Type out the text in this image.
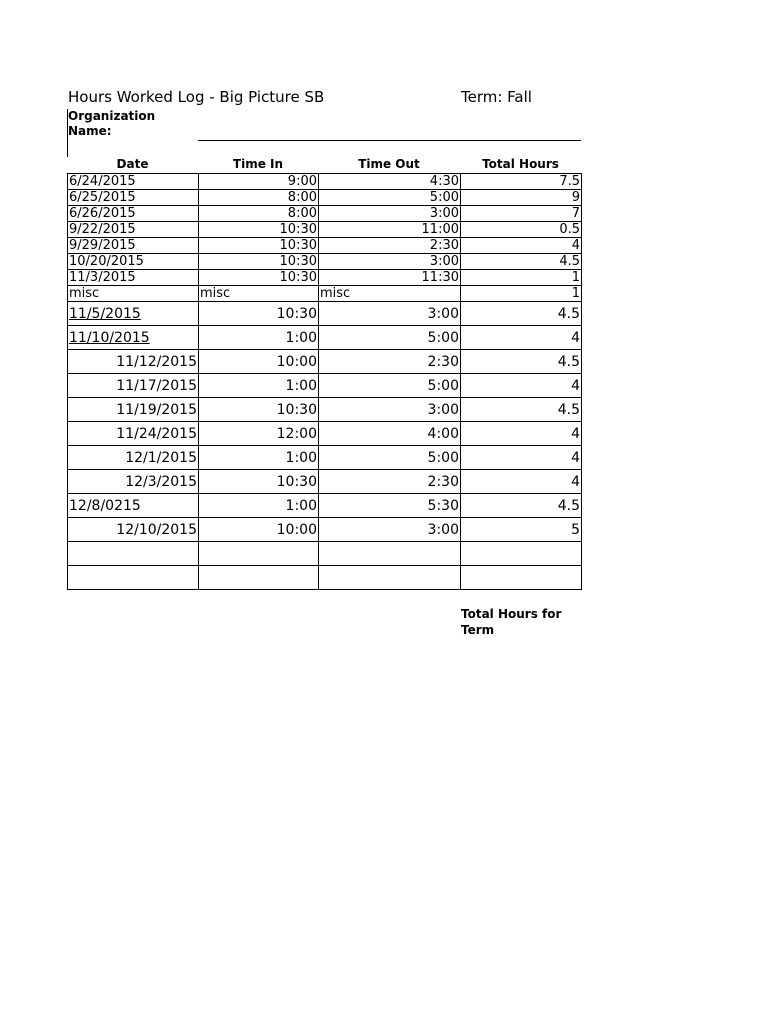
Hours Worked Log - Big Picture SB	Term: Fall
Organization Name:
Date	Time In	Time Out	Total Hours
6/24/2015	9:00	4:30	7.5
6/25/2015	8:00	5:00	9
6/26/2015	8:00	3:00	7
9/22/2015	10:30	11:00	0.5
9/29/2015	10:30	2:30	4
10/20/2015	10:30	3:00	4.5
11/3/2015	10:30	11:30	1
misc	misc	misc	1
11/5/2015	10:30	3:00	4.5
11/10/2015	1:00	5:00	4
11/12/2015	10:00	2:30	4.5
11/17/2015	1:00	5:00	4
11/19/2015	10:30	3:00	4.5
11/24/2015	12:00	4:00	4
12/1/2015	1:00	5:00	4
12/3/2015	10:30	2:30	4
12/8/0215	1:00	5:30	4.5
12/10/2015	10:00	3:00	5

Total Hours for Term
